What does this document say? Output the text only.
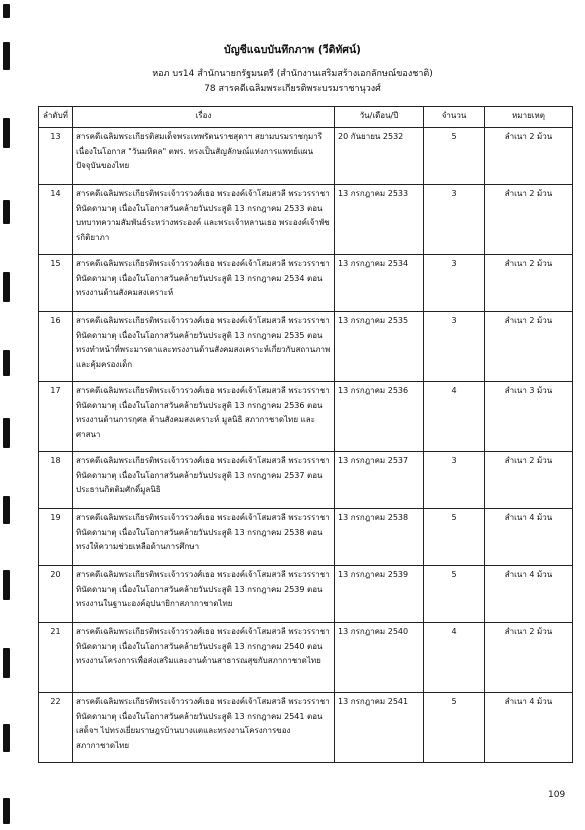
บัญชีแฉบบันทึกภาพ (วีดิทัศน์)
หอภ บร14 สำนักนายกรัฐมนตรี (สำนักงานเสริมสร้างเอกลักษณ์ของชาติ)
78 สารคดีเฉลิมพระเกียรติพระบรมราชานุวงศ์
ลำดับที่	เรื่อง	วัน/เดือน/ปี	จำนวน	หมายเหตุ
13	สารคดีเฉลิมพระเกียรติสมเด็จพระเทพรัตนราชสุดาฯ สยามบรมราชกุมารี เนื่องในโอกาส "วันมหิดล" ตพร. ทรงเป็นสัญลักษณ์แห่งการแพทย์แผนปัจจุบันของไทย	20 กันยายน 2532	5	ลำเนา 2 ม้วน
14	สารคดีเฉลิมพระเกียรติพระเจ้าวรวงศ์เธอ พระองค์เจ้าโสมสวลี พระวรราชาทินัดดามาตุ เนื่องในโอกาสวันคล้ายวันประสูติ 13 กรกฎาคม 2533 ตอน บทบาทความสัมพันธ์ระหว่างพระองค์ และพระเจ้าหลานเธอ พระองค์เจ้าพัชรกิติยาภา	13 กรกฎาคม 2533	3	สำเนา 2 ม้วน
15	สารคดีเฉลิมพระเกียรติพระเจ้าวรวงศ์เธอ พระองค์เจ้าโสมสวลี พระวรราชาทินัดดามาตุ เนื่องในโอกาสวันคล้ายวันประสูติ 13 กรกฎาคม 2534 ตอน ทรงงานด้านสังคมสงเคราะห์	13 กรกฎาคม 2534	3	สำเนา 2 ม้วน
16	สารคดีเฉลิมพระเกียรติพระเจ้าวรวงศ์เธอ พระองค์เจ้าโสมสวลี พระวรราชาทินัดดามาตุ เนื่องในโอกาสวันคล้ายวันประสูติ 13 กรกฎาคม 2535 ตอน ทรงทำหน้าที่พระมารดาและทรงงานด้านสังคมสงเคราะห์เกี่ยวกับสถานภาพและคุ้มครองเด็ก	13 กรกฎาคม 2535	3	สำเนา 2 ม้วน
17	สารคดีเฉลิมพระเกียรติพระเจ้าวรวงศ์เธอ พระองค์เจ้าโสมสวลี พระวรราชาทินัดดามาตุ เนื่องในโอกาสวันคล้ายวันประสูติ 13 กรกฎาคม 2536 ตอน ทรงงานด้านการกุศล ด้านสังคมสงเคราะห์ มูลนิธิ สภากาชาดไทย และศาสนา	13 กรกฎาคม 2536	4	สำเนา 3 ม้วน
18	สารคดีเฉลิมพระเกียรติพระเจ้าวรวงศ์เธอ พระองค์เจ้าโสมสวลี พระวรราชาทินัดดามาตุ เนื่องในโอกาสวันคล้ายวันประสูติ 13 กรกฎาคม 2537 ตอน ประธานกิตติมศักดิ์มูลนิธิ	13 กรกฎาคม 2537	3	สำเนา 2 ม้วน
19	สารคดีเฉลิมพระเกียรติพระเจ้าวรวงศ์เธอ พระองค์เจ้าโสมสวลี พระวรราชาทินัดดามาตุ เนื่องในโอกาสวันคล้ายวันประสูติ 13 กรกฎาคม 2538 ตอน ทรงให้ความช่วยเหลือด้านการศึกษา	13 กรกฎาคม 2538	5	สำเนา 4 ม้วน
20	สารคดีเฉลิมพระเกียรติพระเจ้าวรวงศ์เธอ พระองค์เจ้าโสมสวลี พระวรราชาทินัดดามาตุ เนื่องในโอกาสวันคล้ายวันประสูติ 13 กรกฎาคม 2539 ตอน ทรงงานในฐานะองค์อุปนายิกาสภากาชาดไทย	13 กรกฎาคม 2539	5	สำเนา 4 ม้วน
21	สารคดีเฉลิมพระเกียรติพระเจ้าวรวงศ์เธอ พระองค์เจ้าโสมสวลี พระวรราชาทินัดดามาตุ เนื่องในโอกาสวันคล้ายวันประสูติ 13 กรกฎาคม 2540 ตอน ทรงงานโครงการเพื่อส่งเสริมและงานด้านสาธารณสุขกับสภากาชาดไทย	13 กรกฎาคม 2540	4	สำเนา 2 ม้วน
22	สารคดีเฉลิมพระเกียรติพระเจ้าวรวงศ์เธอ พระองค์เจ้าโสมสวลี พระวรราชาทินัดดามาตุ เนื่องในโอกาสวันคล้ายวันประสูติ 13 กรกฎาคม 2541 ตอน เสด็จฯ ไปทรงเยี่ยมราษฎรบ้านบางแตและทรงงานโครงการของสภากาชาดไทย	13 กรกฎาคม 2541	5	สำเนา 4 ม้วน
109
